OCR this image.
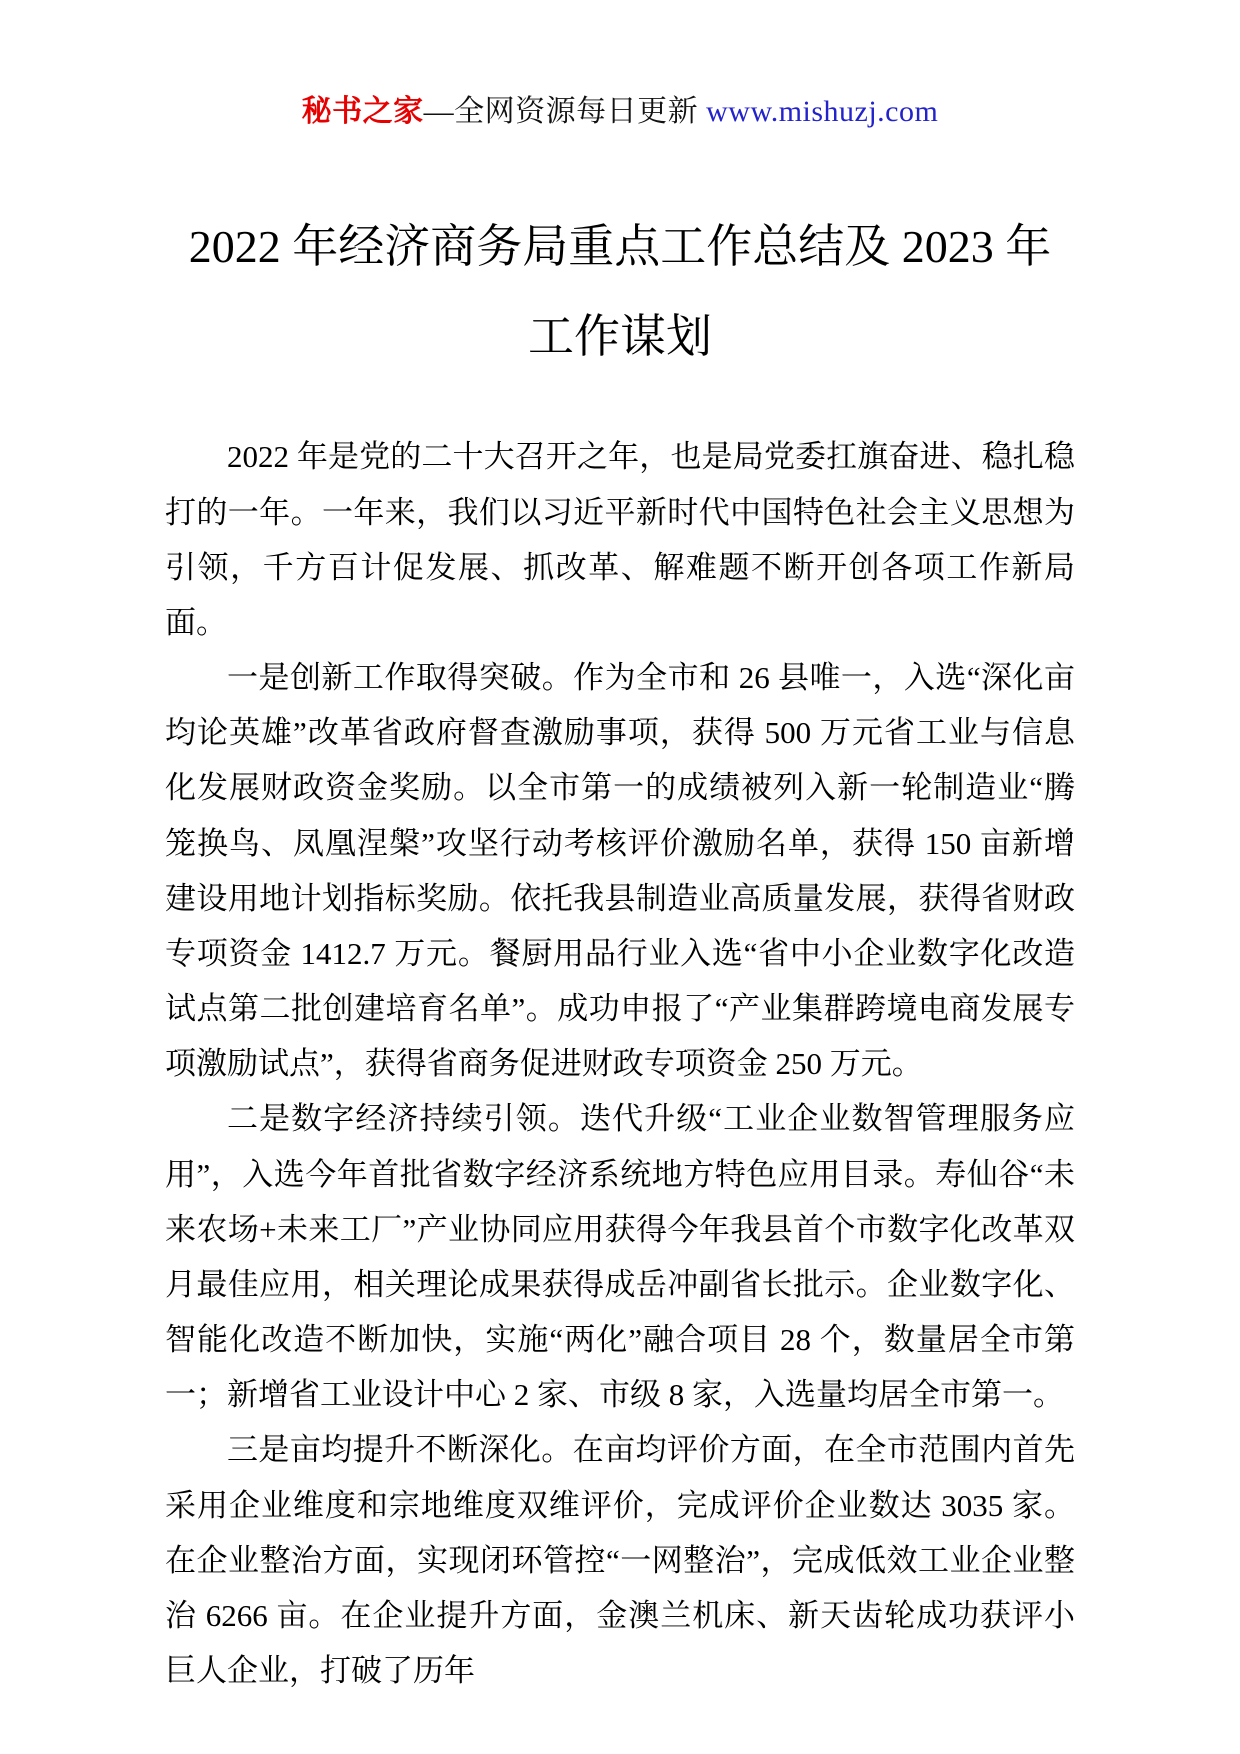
秘书之家—全网资源每日更新 www.mishuzj.com
2022 年经济商务局重点工作总结及 2023 年
工作谋划

2022 年是党的二十大召开之年，也是局党委扛旗奋进、稳扎稳打的一年。一年来，我们以习近平新时代中国特色社会主义思想为引领，千方百计促发展、抓改革、解难题不断开创各项工作新局面。

一是创新工作取得突破。作为全市和 26 县唯一，入选“深化亩均论英雄”改革省政府督查激励事项，获得 500 万元省工业与信息化发展财政资金奖励。以全市第一的成绩被列入新一轮制造业“腾笼换鸟、凤凰涅槃”攻坚行动考核评价激励名单，获得 150 亩新增建设用地计划指标奖励。依托我县制造业高质量发展，获得省财政专项资金 1412.7 万元。餐厨用品行业入选“省中小企业数字化改造试点第二批创建培育名单”。成功申报了“产业集群跨境电商发展专项激励试点”，获得省商务促进财政专项资金 250 万元。

二是数字经济持续引领。迭代升级“工业企业数智管理服务应用”，入选今年首批省数字经济系统地方特色应用目录。寿仙谷“未来农场+未来工厂”产业协同应用获得今年我县首个市数字化改革双月最佳应用，相关理论成果获得成岳冲副省长批示。企业数字化、智能化改造不断加快，实施“两化”融合项目 28 个，数量居全市第一；新增省工业设计中心 2 家、市级 8 家，入选量均居全市第一。

三是亩均提升不断深化。在亩均评价方面，在全市范围内首先采用企业维度和宗地维度双维评价，完成评价企业数达 3035 家。在企业整治方面，实现闭环管控“一网整治”，完成低效工业企业整治 6266 亩。在企业提升方面，金澳兰机床、新天齿轮成功获评小巨人企业，打破了历年
